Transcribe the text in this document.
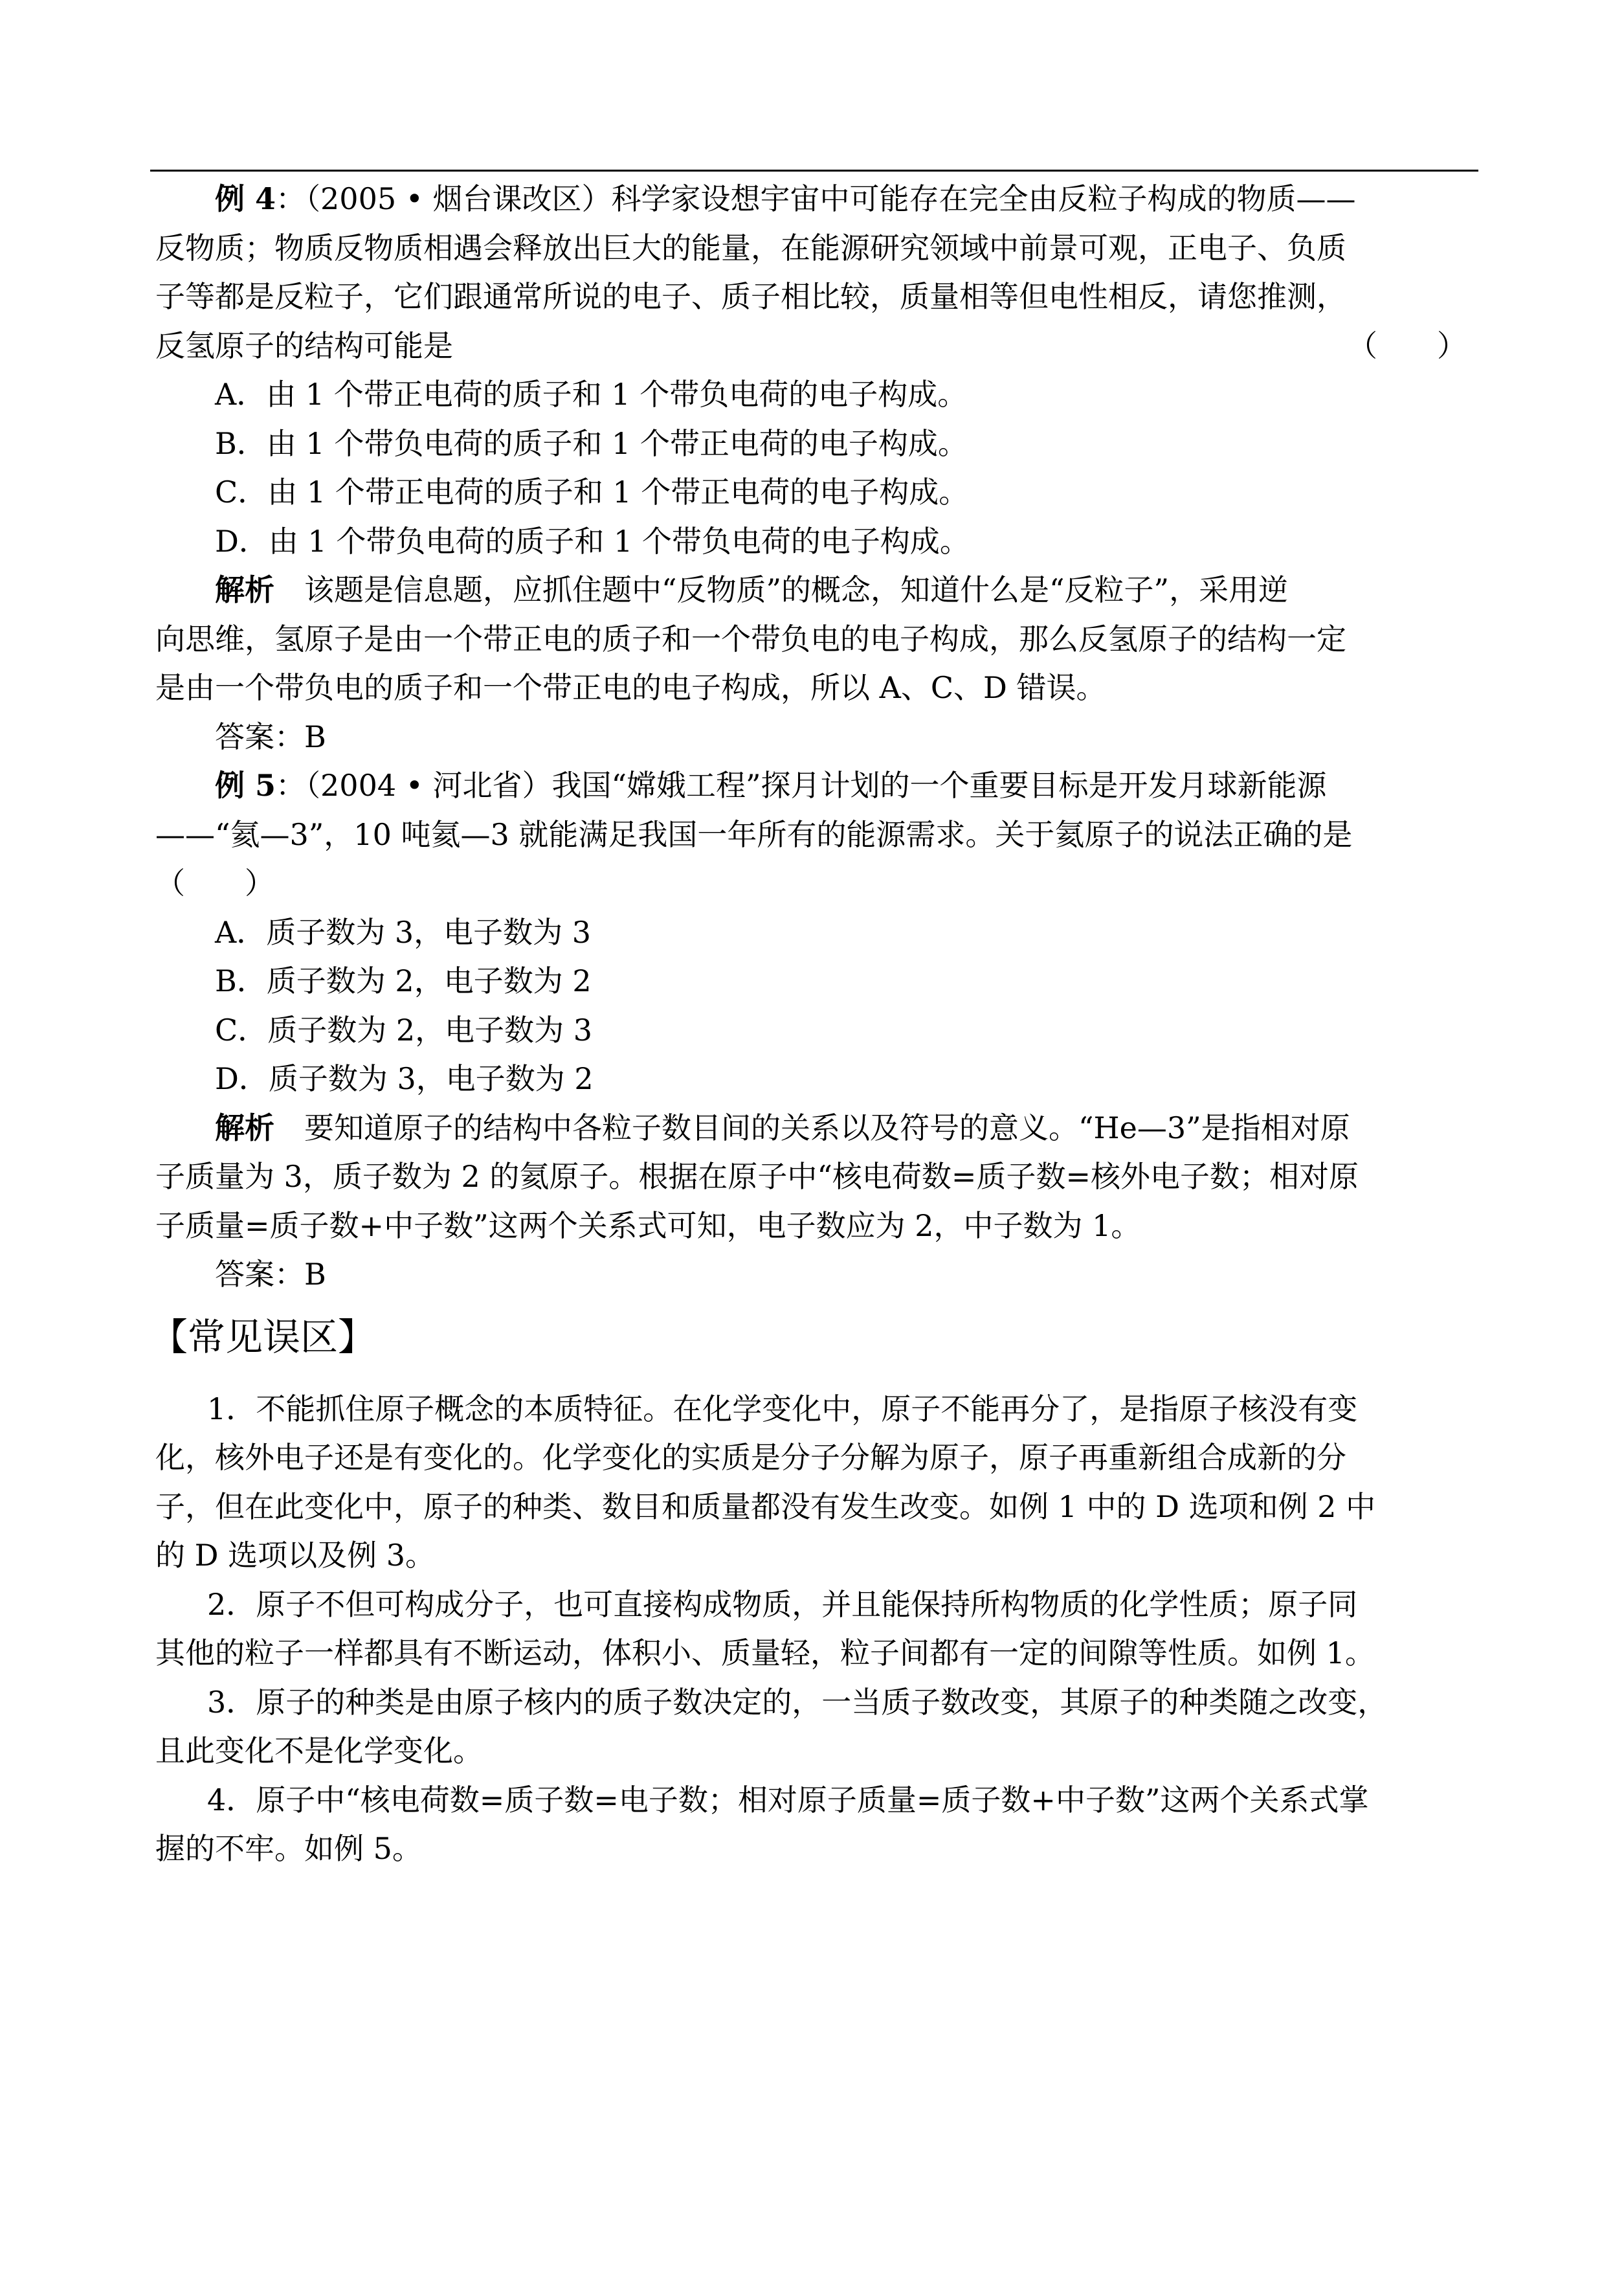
例 4：（2005 • 烟台课改区）科学家设想宇宙中可能存在完全由反粒子构成的物质——

反物质；物质反物质相遇会释放出巨大的能量，在能源研究领域中前景可观，正电子、负质

子等都是反粒子，它们跟通常所说的电子、质子相比较，质量相等但电性相反，请您推测，

反氢原子的结构可能是	（　　）

A．由 1 个带正电荷的质子和 1 个带负电荷的电子构成。

B．由 1 个带负电荷的质子和 1 个带正电荷的电子构成。

C．由 1 个带正电荷的质子和 1 个带正电荷的电子构成。

D．由 1 个带负电荷的质子和 1 个带负电荷的电子构成。

解析　该题是信息题，应抓住题中“反物质”的概念，知道什么是“反粒子”，采用逆

向思维，氢原子是由一个带正电的质子和一个带负电的电子构成，那么反氢原子的结构一定

是由一个带负电的质子和一个带正电的电子构成，所以 A、C、D 错误。

答案：B

例 5：（2004 • 河北省）我国“嫦娥工程”探月计划的一个重要目标是开发月球新能源

——“氦—3”，10 吨氦—3 就能满足我国一年所有的能源需求。关于氦原子的说法正确的是

（　　）

A．质子数为 3，电子数为 3

B．质子数为 2，电子数为 2

C．质子数为 2，电子数为 3

D．质子数为 3，电子数为 2

解析　要知道原子的结构中各粒子数目间的关系以及符号的意义。“He—3”是指相对原

子质量为 3，质子数为 2 的氦原子。根据在原子中“核电荷数=质子数=核外电子数；相对原

子质量=质子数+中子数”这两个关系式可知，电子数应为 2，中子数为 1。

答案：B

【常见误区】

1．不能抓住原子概念的本质特征。在化学变化中，原子不能再分了，是指原子核没有变

化，核外电子还是有变化的。化学变化的实质是分子分解为原子，原子再重新组合成新的分

子，但在此变化中，原子的种类、数目和质量都没有发生改变。如例 1 中的 D 选项和例 2 中

的 D 选项以及例 3。

2．原子不但可构成分子，也可直接构成物质，并且能保持所构物质的化学性质；原子同

其他的粒子一样都具有不断运动，体积小、质量轻，粒子间都有一定的间隙等性质。如例 1。

3．原子的种类是由原子核内的质子数决定的，一当质子数改变，其原子的种类随之改变，

且此变化不是化学变化。

4．原子中“核电荷数=质子数=电子数；相对原子质量=质子数+中子数”这两个关系式掌

握的不牢。如例 5。
